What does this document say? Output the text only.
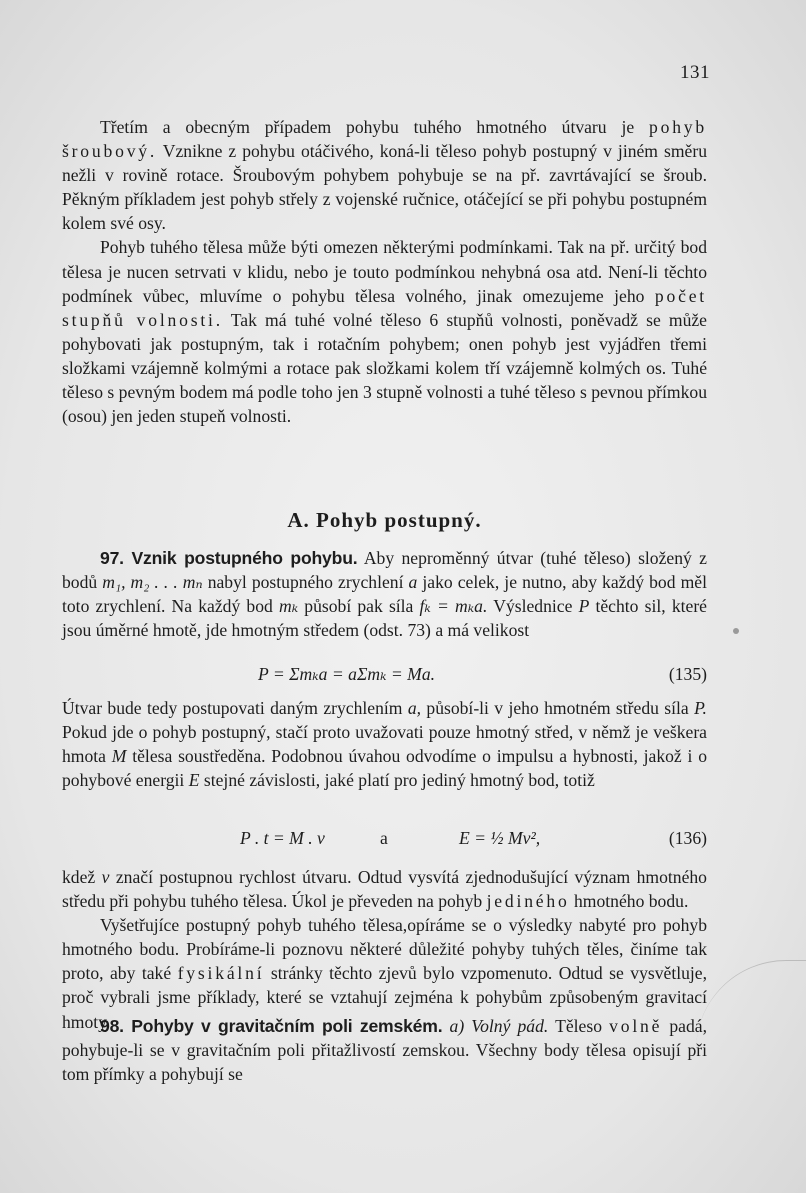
131

Třetím a obecným případem pohybu tuhého hmotného útvaru je pohyb šroubový. Vznikne z pohybu otáčivého, koná-li těleso pohyb postupný v jiném směru nežli v rovině rotace. Šroubovým pohybem pohybuje se na př. zavrtávající se šroub. Pěkným příkladem jest pohyb střely z vojenské ručnice, otáčející se při pohybu postupném kolem své osy.

Pohyb tuhého tělesa může býti omezen některými podmínkami. Tak na př. určitý bod tělesa je nucen setrvati v klidu, nebo je touto podmínkou nehybná osa atd. Není-li těchto podmínek vůbec, mluvíme o pohybu tělesa volného, jinak omezujeme jeho počet stupňů volnosti. Tak má tuhé volné těleso 6 stupňů volnosti, poněvadž se může pohybovati jak postupným, tak i rotačním pohybem; onen pohyb jest vyjádřen třemi složkami vzájemně kolmými a rotace pak složkami kolem tří vzájemně kolmých os. Tuhé těleso s pevným bodem má podle toho jen 3 stupně volnosti a tuhé těleso s pevnou přímkou (osou) jen jeden stupeň volnosti.

A. Pohyb postupný.

97. Vznik postupného pohybu. Aby neproměnný útvar (tuhé těleso) složený z bodů m₁, m₂ . . . mₙ nabyl postupného zrychlení a jako celek, je nutno, aby každý bod měl toto zrychlení. Na každý bod mₖ působí pak síla fₖ = mₖa. Výslednice P těchto sil, které jsou úměrné hmotě, jde hmotným středem (odst. 73) a má velikost

P = Σmₖa = aΣmₖ = Ma.	(135)

Útvar bude tedy postupovati daným zrychlením a, působí-li v jeho hmotném středu síla P. Pokud jde o pohyb postupný, stačí proto uvažovati pouze hmotný střed, v němž je veškera hmota M tělesa soustředěna. Podobnou úvahou odvodíme o impulsu a hybnosti, jakož i o pohybové energii E stejné závislosti, jaké platí pro jediný hmotný bod, totiž

P . t = M . v	a	E = ½ Mv²,	(136)

kdež v značí postupnou rychlost útvaru. Odtud vysvítá zjednodušující význam hmotného středu při pohybu tuhého tělesa. Úkol je převeden na pohyb jediného hmotného bodu.

Vyšetřujíce postupný pohyb tuhého tělesa,opíráme se o výsledky nabyté pro pohyb hmotného bodu. Probíráme-li poznovu některé důležité pohyby tuhých těles, činíme tak proto, aby také fysikální stránky těchto zjevů bylo vzpomenuto. Odtud se vysvětluje, proč vybrali jsme příklady, které se vztahují zejména k pohybům způsobeným gravitací hmoty.

98. Pohyby v gravitačním poli zemském. a) Volný pád. Těleso volně padá, pohybuje-li se v gravitačním poli přitažlivostí zemskou. Všechny body tělesa opisují při tom přímky a pohybují se
